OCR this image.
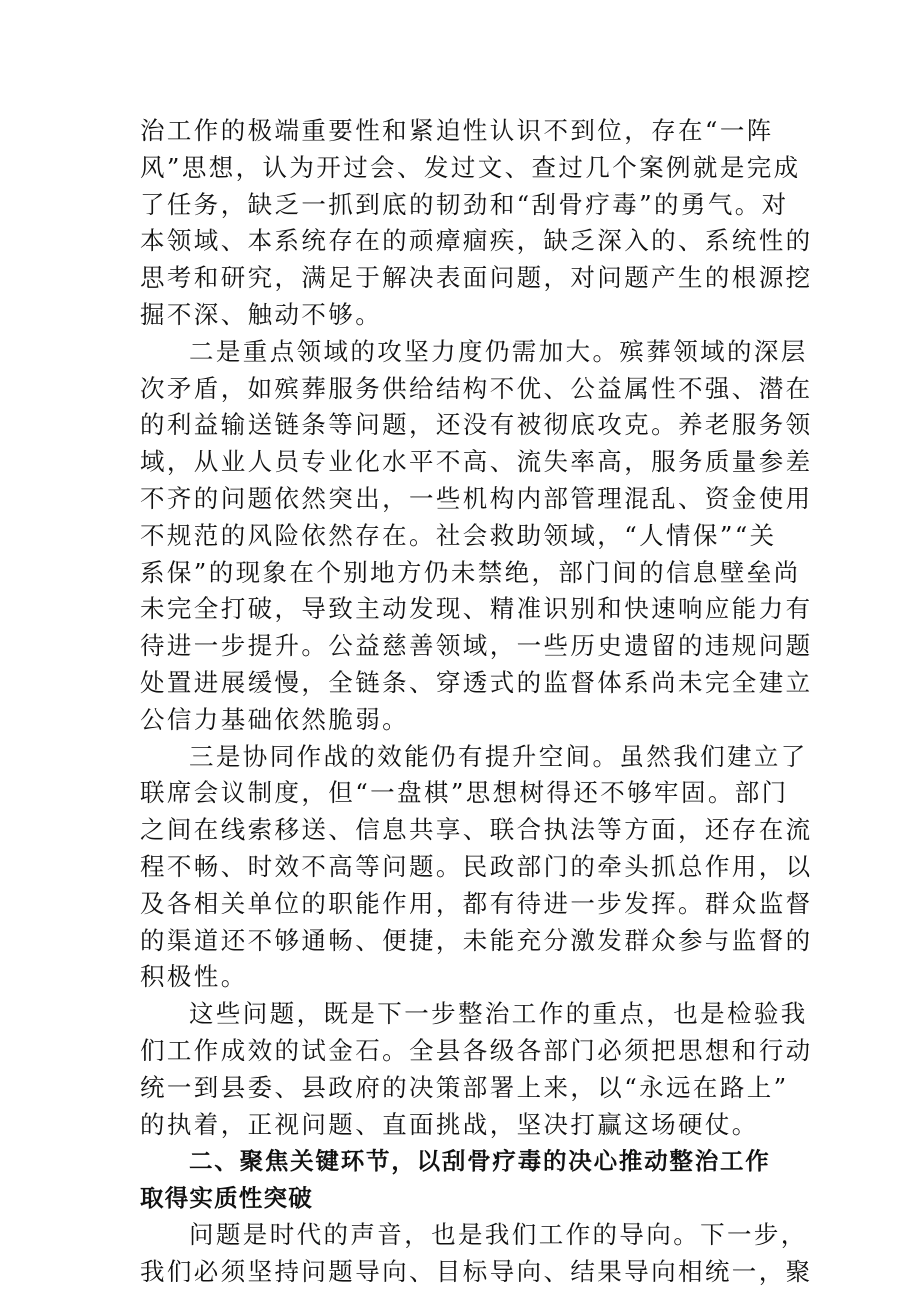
治工作的极端重要性和紧迫性认识不到位，存在“一阵
风”思想，认为开过会、发过文、查过几个案例就是完成
了任务，缺乏一抓到底的韧劲和“刮骨疗毒”的勇气。对
本领域、本系统存在的顽瘴痼疾，缺乏深入的、系统性的
思考和研究，满足于解决表面问题，对问题产生的根源挖
掘不深、触动不够。

二是重点领域的攻坚力度仍需加大。殡葬领域的深层
次矛盾，如殡葬服务供给结构不优、公益属性不强、潜在
的利益输送链条等问题，还没有被彻底攻克。养老服务领
域，从业人员专业化水平不高、流失率高，服务质量参差
不齐的问题依然突出，一些机构内部管理混乱、资金使用
不规范的风险依然存在。社会救助领域，“人情保”“关
系保”的现象在个别地方仍未禁绝，部门间的信息壁垒尚
未完全打破，导致主动发现、精准识别和快速响应能力有
待进一步提升。公益慈善领域，一些历史遗留的违规问题
处置进展缓慢，全链条、穿透式的监督体系尚未完全建立
公信力基础依然脆弱。

三是协同作战的效能仍有提升空间。虽然我们建立了
联席会议制度，但“一盘棋”思想树得还不够牢固。部门
之间在线索移送、信息共享、联合执法等方面，还存在流
程不畅、时效不高等问题。民政部门的牵头抓总作用，以
及各相关单位的职能作用，都有待进一步发挥。群众监督
的渠道还不够通畅、便捷，未能充分激发群众参与监督的
积极性。

这些问题，既是下一步整治工作的重点，也是检验我
们工作成效的试金石。全县各级各部门必须把思想和行动
统一到县委、县政府的决策部署上来，以“永远在路上”
的执着，正视问题、直面挑战，坚决打赢这场硬仗。

二、聚焦关键环节，以刮骨疗毒的决心推动整治工作
取得实质性突破

问题是时代的声音，也是我们工作的导向。下一步，
我们必须坚持问题导向、目标导向、结果导向相统一，聚
